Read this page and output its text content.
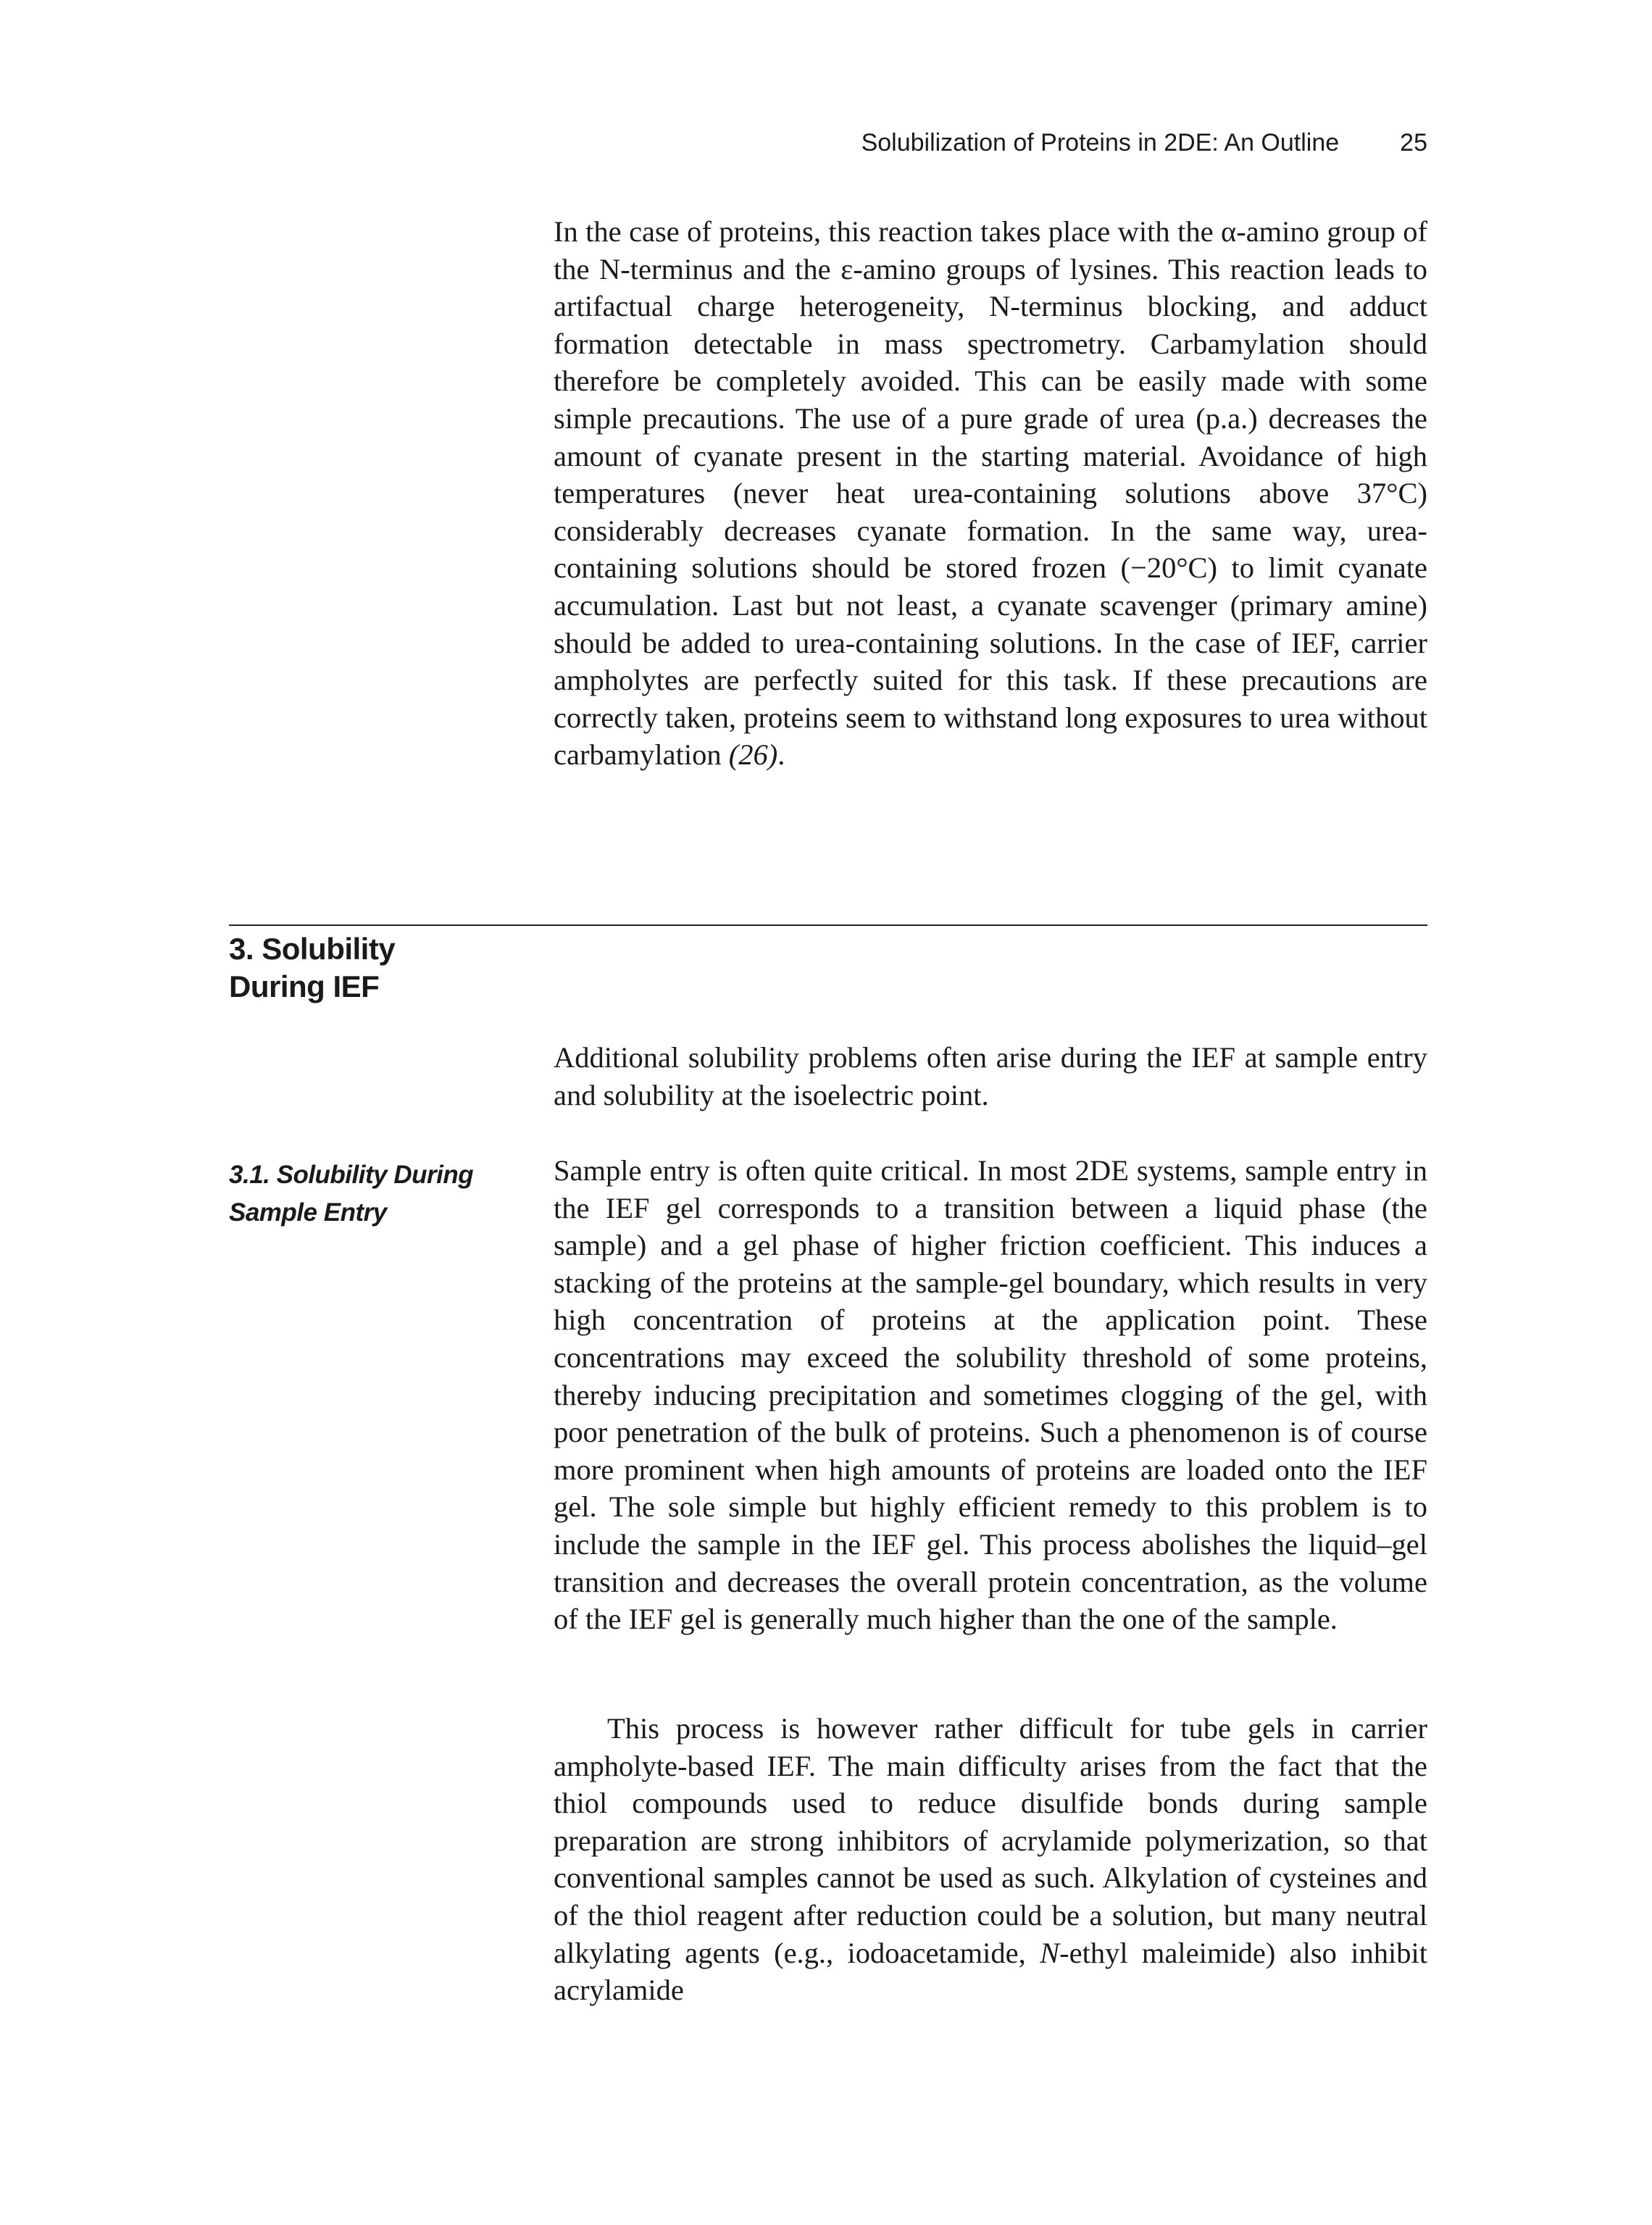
Solubilization of Proteins in 2DE: An Outline 25

In the case of proteins, this reaction takes place with the α-amino group of the N-terminus and the ε-amino groups of lysines. This reaction leads to artifactual charge heterogeneity, N-terminus blocking, and adduct formation detectable in mass spectrometry. Carbamylation should therefore be completely avoided. This can be easily made with some simple precautions. The use of a pure grade of urea (p.a.) decreases the amount of cyanate present in the starting material. Avoidance of high temperatures (never heat urea-containing solutions above 37°C) considerably decreases cyanate formation. In the same way, urea-containing solutions should be stored frozen (−20°C) to limit cyanate accumulation. Last but not least, a cyanate scavenger (primary amine) should be added to urea-containing solutions. In the case of IEF, carrier ampholytes are perfectly suited for this task. If these precautions are correctly taken, proteins seem to withstand long exposures to urea without carbamylation (26).

3. Solubility
During IEF

Additional solubility problems often arise during the IEF at sample entry and solubility at the isoelectric point.

3.1. Solubility During
Sample Entry

Sample entry is often quite critical. In most 2DE systems, sample entry in the IEF gel corresponds to a transition between a liquid phase (the sample) and a gel phase of higher friction coefficient. This induces a stacking of the proteins at the sample-gel boundary, which results in very high concentration of proteins at the application point. These concentrations may exceed the solubility threshold of some proteins, thereby inducing precipitation and sometimes clogging of the gel, with poor penetration of the bulk of proteins. Such a phenomenon is of course more prominent when high amounts of proteins are loaded onto the IEF gel. The sole simple but highly efficient remedy to this problem is to include the sample in the IEF gel. This process abolishes the liquid–gel transition and decreases the overall protein concentration, as the volume of the IEF gel is generally much higher than the one of the sample.

This process is however rather difficult for tube gels in carrier ampholyte-based IEF. The main difficulty arises from the fact that the thiol compounds used to reduce disulfide bonds during sample preparation are strong inhibitors of acrylamide polymerization, so that conventional samples cannot be used as such. Alkylation of cysteines and of the thiol reagent after reduction could be a solution, but many neutral alkylating agents (e.g., iodoacetamide, N-ethyl maleimide) also inhibit acrylamide
